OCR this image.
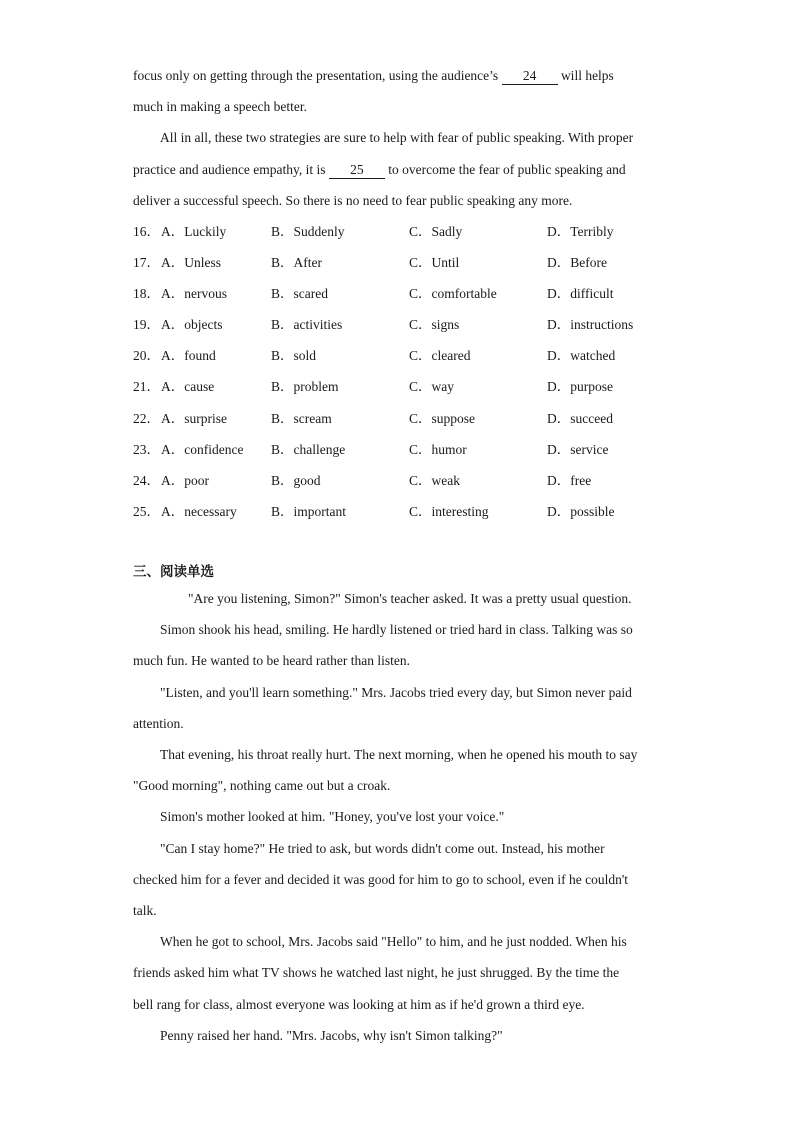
focus only on getting through the presentation, using the audience’s 24 will helps

much in making a speech better.

All in all, these two strategies are sure to help with fear of public speaking. With proper

practice and audience empathy, it is 25 to overcome the fear of public speaking and

deliver a successful speech. So there is no need to fear public speaking any more.

16． A．Luckily	B．Suddenly	C．Sadly	D．Terribly
17． A．Unless	B．After	C．Until	D．Before
18． A．nervous	B．scared	C．comfortable	D．difficult
19． A．objects	B．activities	C．signs	D．instructions
20． A．found	B．sold	C．cleared	D．watched
21． A．cause	B．problem	C．way	D．purpose
22． A．surprise	B．scream	C．suppose	D．succeed
23． A．confidence B．challenge	C．humor	D．service
24． A．poor	B．good	C．weak	D．free
25． A．necessary	B．important	C．interesting	D．possible
三、阅读单选

"Are you listening, Simon?" Simon's teacher asked. It was a pretty usual question.

Simon shook his head, smiling. He hardly listened or tried hard in class. Talking was so

much fun. He wanted to be heard rather than listen.

"Listen, and you'll learn something." Mrs. Jacobs tried every day, but Simon never paid

attention.

That evening, his throat really hurt. The next morning, when he opened his mouth to say

"Good morning", nothing came out but a croak.

Simon's mother looked at him. "Honey, you've lost your voice."

"Can I stay home?" He tried to ask, but words didn't come out. Instead, his mother

checked him for a fever and decided it was good for him to go to school, even if he couldn't

talk.

When he got to school, Mrs. Jacobs said "Hello" to him, and he just nodded. When his

friends asked him what TV shows he watched last night, he just shrugged. By the time the

bell rang for class, almost everyone was looking at him as if he'd grown a third eye.

Penny raised her hand. "Mrs. Jacobs, why isn't Simon talking?"
